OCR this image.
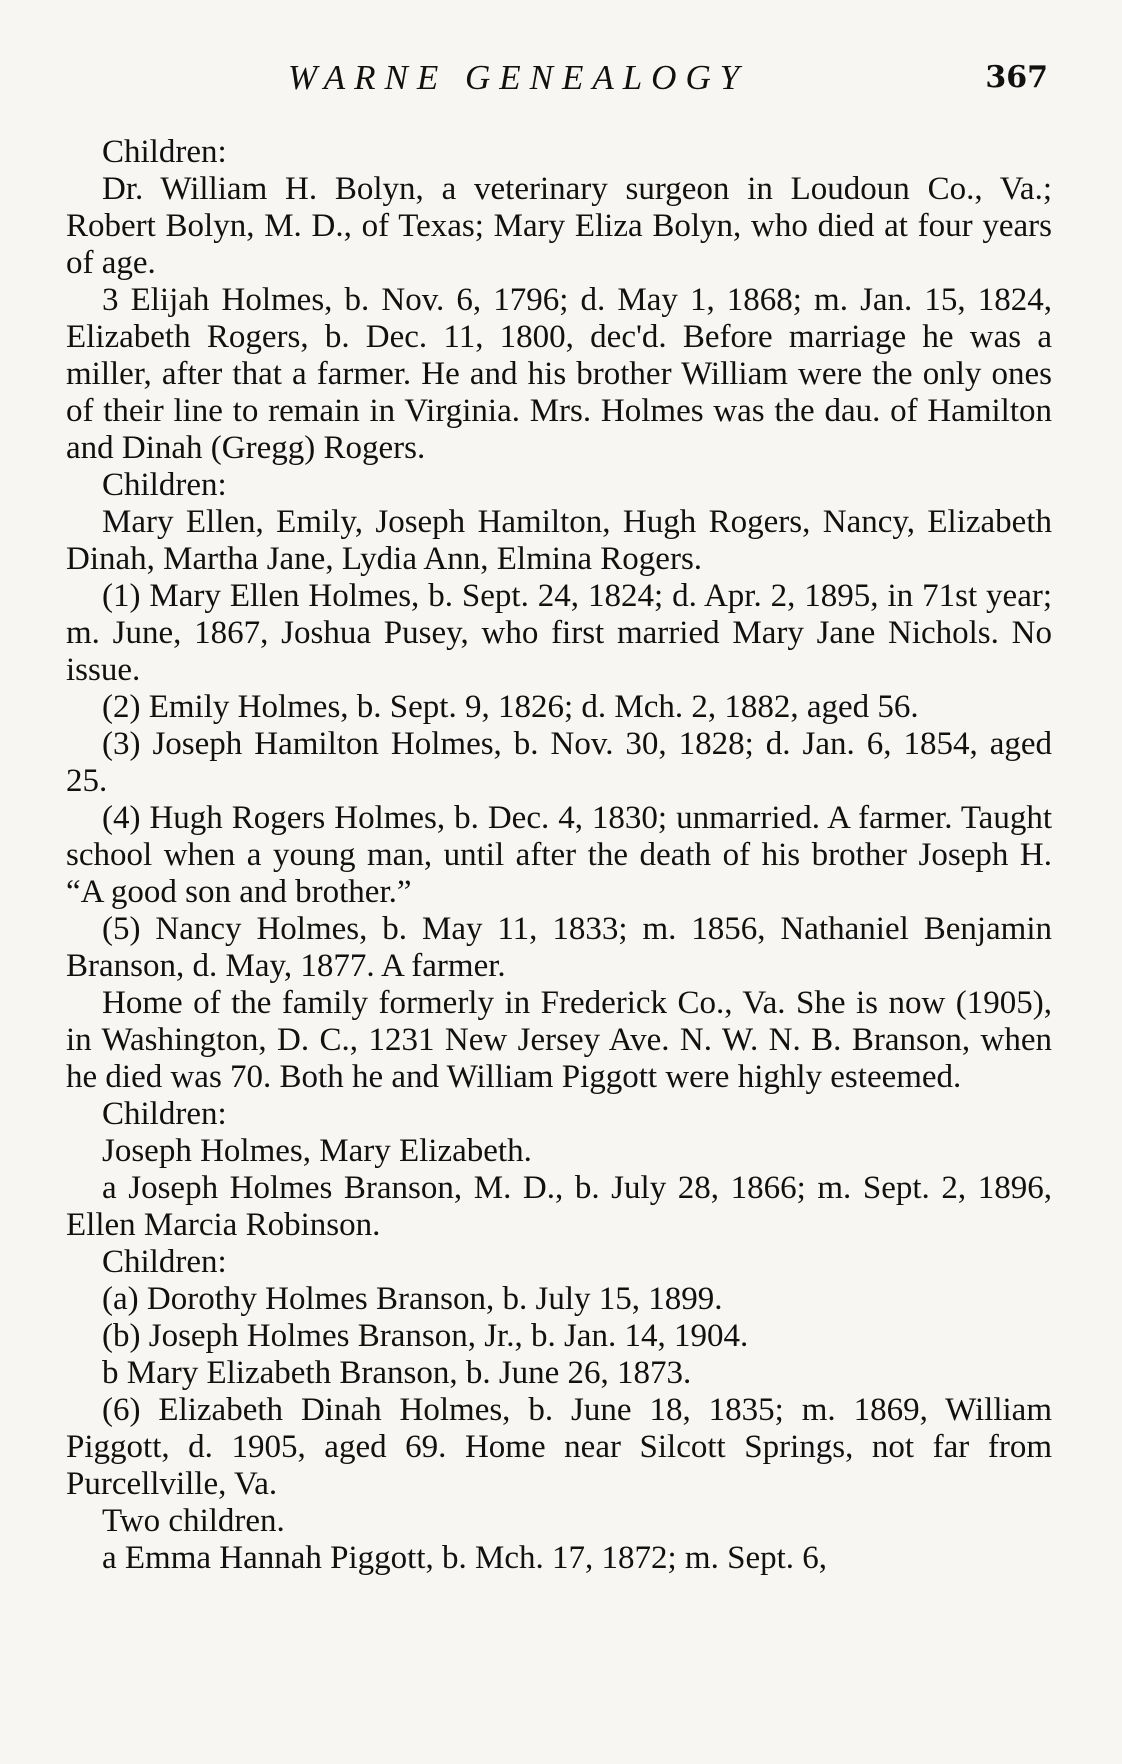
WARNE GENEALOGY	367

Children:

Dr. William H. Bolyn, a veterinary surgeon in Loudoun Co., Va.; Robert Bolyn, M. D., of Texas; Mary Eliza Bolyn, who died at four years of age.

3 Elijah Holmes, b. Nov. 6, 1796; d. May 1, 1868; m. Jan. 15, 1824, Elizabeth Rogers, b. Dec. 11, 1800, dec'd. Before marriage he was a miller, after that a farmer. He and his brother William were the only ones of their line to remain in Virginia. Mrs. Holmes was the dau. of Hamilton and Dinah (Gregg) Rogers.

Children:

Mary Ellen, Emily, Joseph Hamilton, Hugh Rogers, Nancy, Elizabeth Dinah, Martha Jane, Lydia Ann, Elmina Rogers.

(1) Mary Ellen Holmes, b. Sept. 24, 1824; d. Apr. 2, 1895, in 71st year; m. June, 1867, Joshua Pusey, who first married Mary Jane Nichols. No issue.

(2) Emily Holmes, b. Sept. 9, 1826; d. Mch. 2, 1882, aged 56.

(3) Joseph Hamilton Holmes, b. Nov. 30, 1828; d. Jan. 6, 1854, aged 25.

(4) Hugh Rogers Holmes, b. Dec. 4, 1830; unmarried. A farmer. Taught school when a young man, until after the death of his brother Joseph H. “A good son and brother.”

(5) Nancy Holmes, b. May 11, 1833; m. 1856, Nathaniel Benjamin Branson, d. May, 1877. A farmer.

Home of the family formerly in Frederick Co., Va. She is now (1905), in Washington, D. C., 1231 New Jersey Ave. N. W. N. B. Branson, when he died was 70. Both he and William Piggott were highly esteemed.

Children:

Joseph Holmes, Mary Elizabeth.

a Joseph Holmes Branson, M. D., b. July 28, 1866; m. Sept. 2, 1896, Ellen Marcia Robinson.

Children:

(a) Dorothy Holmes Branson, b. July 15, 1899.

(b) Joseph Holmes Branson, Jr., b. Jan. 14, 1904.

b Mary Elizabeth Branson, b. June 26, 1873.

(6) Elizabeth Dinah Holmes, b. June 18, 1835; m. 1869, William Piggott, d. 1905, aged 69. Home near Silcott Springs, not far from Purcellville, Va.

Two children.

a Emma Hannah Piggott, b. Mch. 17, 1872; m. Sept. 6,
